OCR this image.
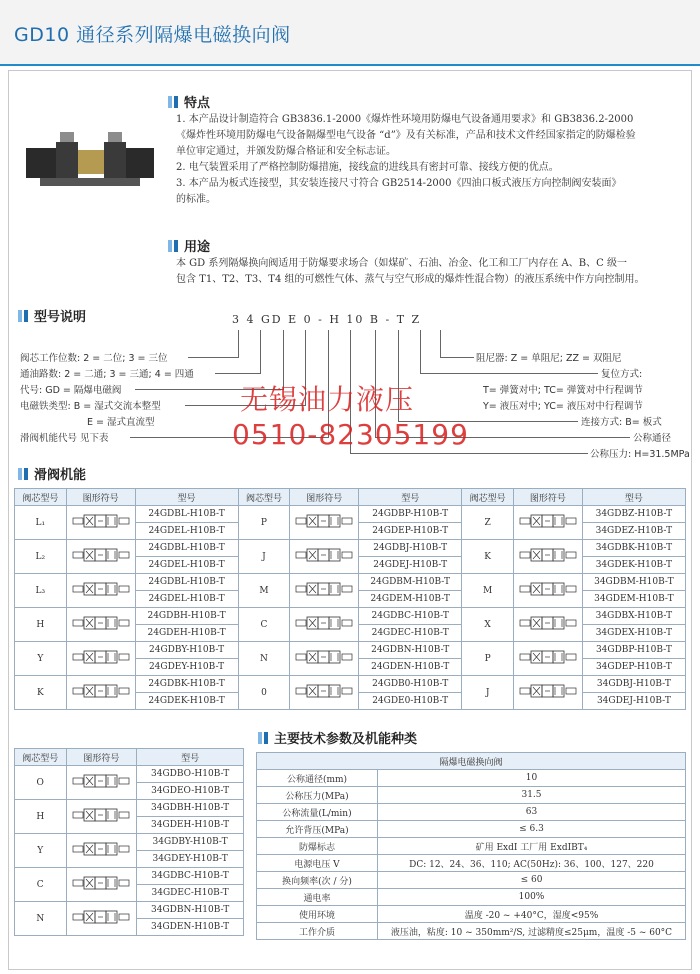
GD10 通径系列隔爆电磁换向阀
特点
1. 本产品设计制造符合 GB3836.1-2000《爆炸性环境用防爆电气设备通用要求》和 GB3836.2-2000
《爆炸性环境用防爆电气设备隔爆型电气设备 “d”》及有关标准，产品和技术文件经国家指定的防爆检验
单位审定通过，并颁发防爆合格证和安全标志证。
2. 电气装置采用了严格控制防爆措施，接线盒的进线具有密封可靠、接线方便的优点。
3. 本产品为板式连接型，其安装连接尺寸符合 GB2514-2000《四油口板式液压方向控制阀安装面》
的标准。
用途
本 GD 系列隔爆换向阀适用于防爆要求场合（如煤矿、石油、冶金、化工和工厂内存在 A、B、C 级一
包含 T1、T2、T3、T4 组的可燃性气体、蒸气与空气形成的爆炸性混合物）的液压系统中作方向控制用。
型号说明	3 4 GD E 0 - H 10 B - T Z
阀芯工作位数: 2 = 二位; 3 = 三位
通油路数: 2 = 二通; 3 = 三通; 4 = 四通
代号: GD = 隔爆电磁阀
电磁铁类型: B = 湿式交流本整型
E = 湿式直流型
滑阀机能代号 见下表
阻尼器: Z = 单阻尼; ZZ = 双阻尼
复位方式:
T= 弹簧对中; TC= 弹簧对中行程调节
Y= 液压对中; YC= 液压对中行程调节
连接方式: B= 板式
公称通径
公称压力: H=31.5MPa
无锡油力液压
0510-82305199
滑阀机能
阀芯型号	图形符号	型号	阀芯型号	图形符号	型号	阀芯型号	图形符号	型号
L₁		24GDBL-H10B-T	P		24GDBP-H10B-T	Z		34GDBZ-H10B-T
		24GDEL-H10B-T			24GDEP-H10B-T			34GDEZ-H10B-T
L₂		24GDBL-H10B-T	J		24GDBJ-H10B-T	K		34GDBK-H10B-T
		24GDEL-H10B-T			24GDEJ-H10B-T			34GDEK-H10B-T
L₃		24GDBL-H10B-T	M		24GDBM-H10B-T	M		34GDBM-H10B-T
		24GDEL-H10B-T			24GDEM-H10B-T			34GDEM-H10B-T
H		24GDBH-H10B-T	C		24GDBC-H10B-T	X		34GDBX-H10B-T
		24GDEH-H10B-T			24GDEC-H10B-T			34GDEX-H10B-T
Y		24GDBY-H10B-T	N		24GDBN-H10B-T	P		34GDBP-H10B-T
		24GDEY-H10B-T			24GDEN-H10B-T			34GDEP-H10B-T
K		24GDBK-H10B-T	0		24GDB0-H10B-T	J		34GDBJ-H10B-T
		24GDEK-H10B-T			24GDE0-H10B-T			34GDEJ-H10B-T
阀芯型号	图形符号	型号
O		34GDBO-H10B-T
		34GDEO-H10B-T
H		34GDBH-H10B-T
		34GDEH-H10B-T
Y		34GDBY-H10B-T
		34GDEY-H10B-T
C		34GDBC-H10B-T
		34GDEC-H10B-T
N		34GDBN-H10B-T
		34GDEN-H10B-T
主要技术参数及机能种类
隔爆电磁换向阀	
公称通径(mm)	10
公称压力(MPa)	31.5
公称流量(L/min)	63
允许背压(MPa)	≤ 6.3
防爆标志	矿用 ExdI 工厂用 ExdIBT₄
电源电压 V	DC: 12、24、36、110; AC(50Hz): 36、100、127、220
换向频率(次 / 分)	≤ 60
通电率	100%
使用环境	温度 -20 ~ +40°C，湿度<95%
工作介质	液压油，粘度: 10 ~ 350mm²/S, 过滤精度≤25μm，温度 -5 ~ 60°C
